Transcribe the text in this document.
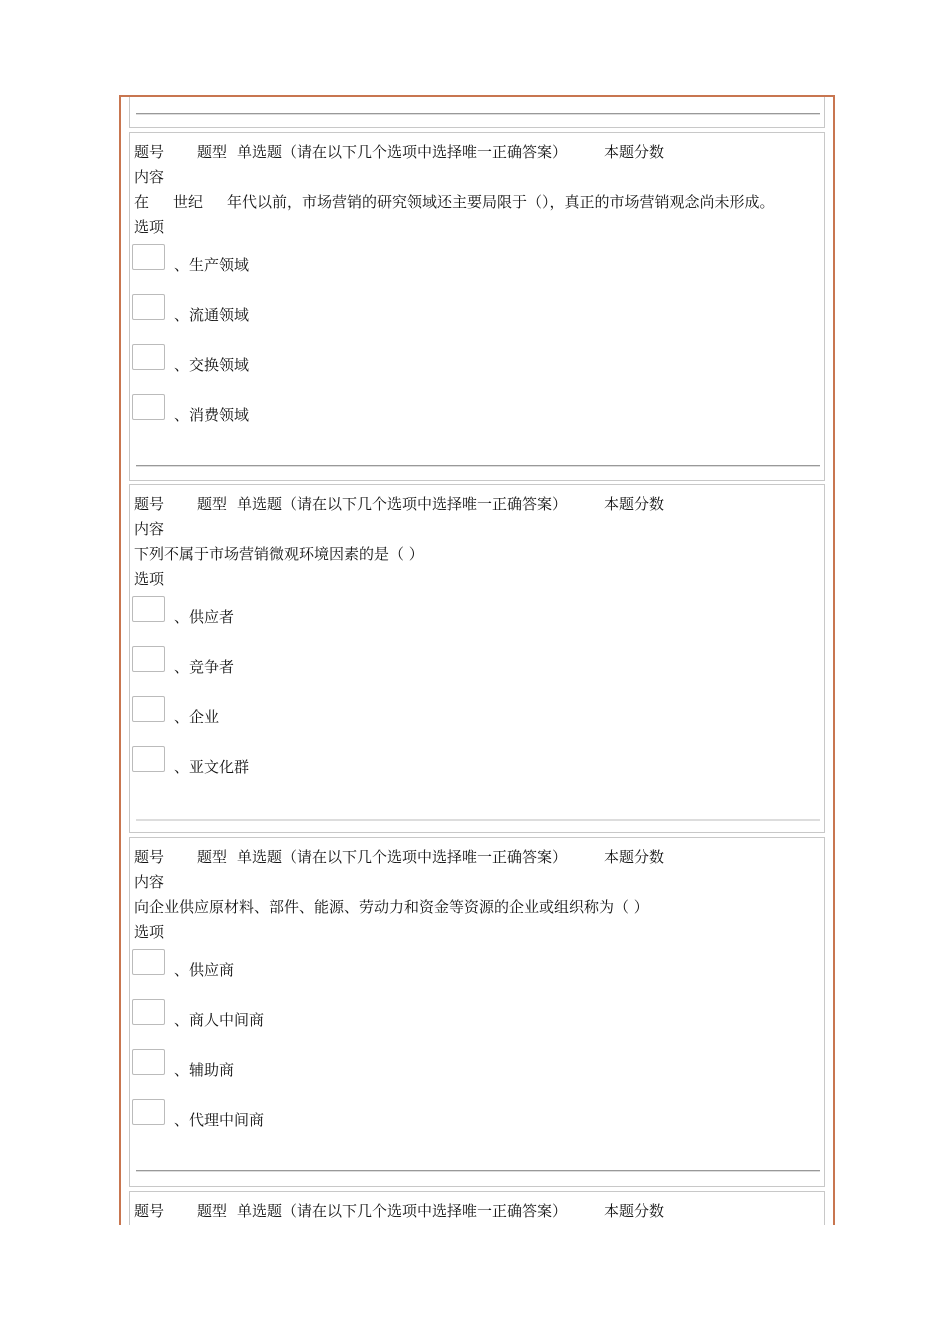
题号 题型 单选题（请在以下几个选项中选择唯一正确答案） 本题分数
内容
在 世纪 年代以前，市场营销的研究领域还主要局限于（），真正的市场营销观念尚未形成。
选项
、生产领域
、流通领域
、交换领域
、消费领域
题号 题型 单选题（请在以下几个选项中选择唯一正确答案） 本题分数
内容
下列不属于市场营销微观环境因素的是（ ）
选项
、供应者
、竞争者
、企业
、亚文化群
题号 题型 单选题（请在以下几个选项中选择唯一正确答案） 本题分数
内容
向企业供应原材料、部件、能源、劳动力和资金等资源的企业或组织称为（ ）
选项
、供应商
、商人中间商
、辅助商
、代理中间商
题号 题型 单选题（请在以下几个选项中选择唯一正确答案） 本题分数
